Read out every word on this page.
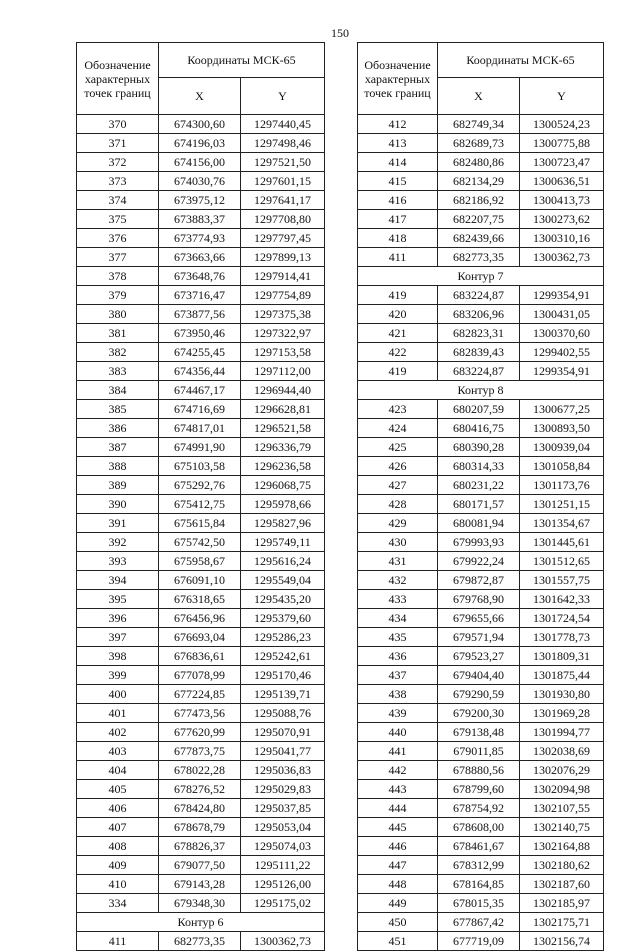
150
Обозначение характерных точек границ	Координаты МСК-65	
	X	Y
370	674300,60	1297440,45
371	674196,03	1297498,46
372	674156,00	1297521,50
373	674030,76	1297601,15
374	673975,12	1297641,17
375	673883,37	1297708,80
376	673774,93	1297797,45
377	673663,66	1297899,13
378	673648,76	1297914,41
379	673716,47	1297754,89
380	673877,56	1297375,38
381	673950,46	1297322,97
382	674255,45	1297153,58
383	674356,44	1297112,00
384	674467,17	1296944,40
385	674716,69	1296628,81
386	674817,01	1296521,58
387	674991,90	1296336,79
388	675103,58	1296236,58
389	675292,76	1296068,75
390	675412,75	1295978,66
391	675615,84	1295827,96
392	675742,50	1295749,11
393	675958,67	1295616,24
394	676091,10	1295549,04
395	676318,65	1295435,20
396	676456,96	1295379,60
397	676693,04	1295286,23
398	676836,61	1295242,61
399	677078,99	1295170,46
400	677224,85	1295139,71
401	677473,56	1295088,76
402	677620,99	1295070,91
403	677873,75	1295041,77
404	678022,28	1295036,83
405	678276,52	1295029,83
406	678424,80	1295037,85
407	678678,79	1295053,04
408	678826,37	1295074,03
409	679077,50	1295111,22
410	679143,28	1295126,00
334	679348,30	1295175,02
Контур 6		
411	682773,35	1300362,73
Обозначение характерных точек границ	Координаты МСК-65	
	X	Y
412	682749,34	1300524,23
413	682689,73	1300775,88
414	682480,86	1300723,47
415	682134,29	1300636,51
416	682186,92	1300413,73
417	682207,75	1300273,62
418	682439,66	1300310,16
411	682773,35	1300362,73
Контур 7		
419	683224,87	1299354,91
420	683206,96	1300431,05
421	682823,31	1300370,60
422	682839,43	1299402,55
419	683224,87	1299354,91
Контур 8		
423	680207,59	1300677,25
424	680416,75	1300893,50
425	680390,28	1300939,04
426	680314,33	1301058,84
427	680231,22	1301173,76
428	680171,57	1301251,15
429	680081,94	1301354,67
430	679993,93	1301445,61
431	679922,24	1301512,65
432	679872,87	1301557,75
433	679768,90	1301642,33
434	679655,66	1301724,54
435	679571,94	1301778,73
436	679523,27	1301809,31
437	679404,40	1301875,44
438	679290,59	1301930,80
439	679200,30	1301969,28
440	679138,48	1301994,77
441	679011,85	1302038,69
442	678880,56	1302076,29
443	678799,60	1302094,98
444	678754,92	1302107,55
445	678608,00	1302140,75
446	678461,67	1302164,88
447	678312,99	1302180,62
448	678164,85	1302187,60
449	678015,35	1302185,97
450	677867,42	1302175,71
451	677719,09	1302156,74
